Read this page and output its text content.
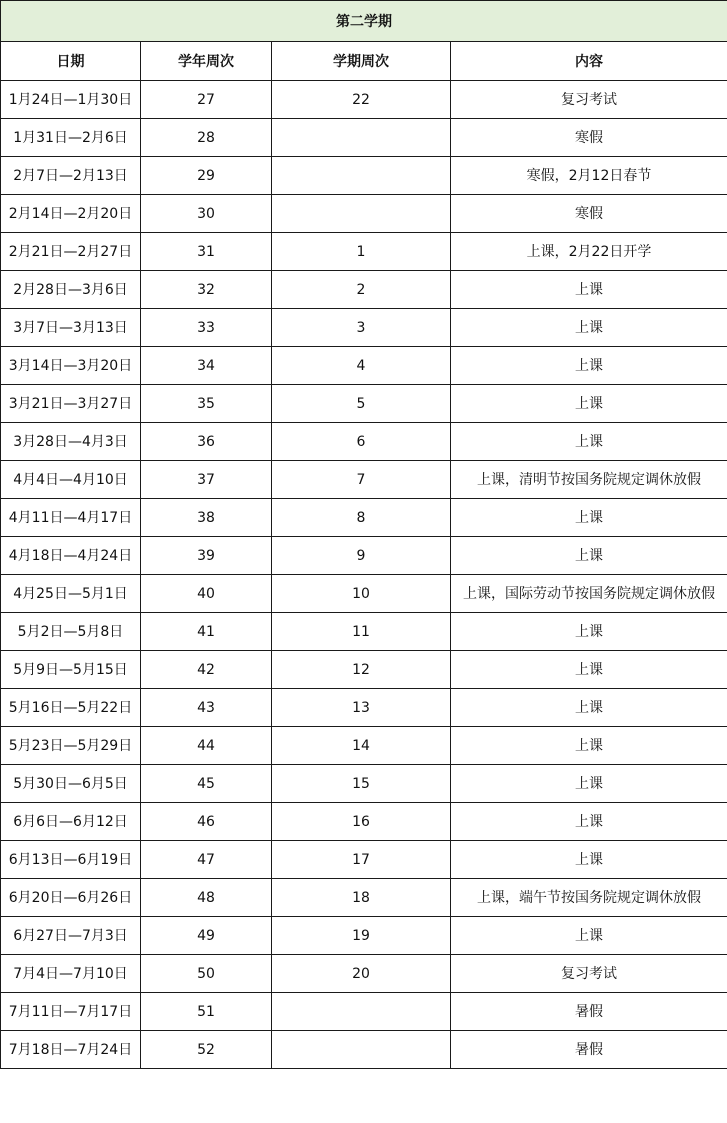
第二学期			
日期	学年周次	学期周次	内容
1月24日—1月30日	27	22	复习考试
1月31日—2月6日	28		寒假
2月7日—2月13日	29		寒假，2月12日春节
2月14日—2月20日	30		寒假
2月21日—2月27日	31	1	上课，2月22日开学
2月28日—3月6日	32	2	上课
3月7日—3月13日	33	3	上课
3月14日—3月20日	34	4	上课
3月21日—3月27日	35	5	上课
3月28日—4月3日	36	6	上课
4月4日—4月10日	37	7	上课，清明节按国务院规定调休放假
4月11日—4月17日	38	8	上课
4月18日—4月24日	39	9	上课
4月25日—5月1日	40	10	上课，国际劳动节按国务院规定调休放假
5月2日—5月8日	41	11	上课
5月9日—5月15日	42	12	上课
5月16日—5月22日	43	13	上课
5月23日—5月29日	44	14	上课
5月30日—6月5日	45	15	上课
6月6日—6月12日	46	16	上课
6月13日—6月19日	47	17	上课
6月20日—6月26日	48	18	上课，端午节按国务院规定调休放假
6月27日—7月3日	49	19	上课
7月4日—7月10日	50	20	复习考试
7月11日—7月17日	51		暑假
7月18日—7月24日	52		暑假
